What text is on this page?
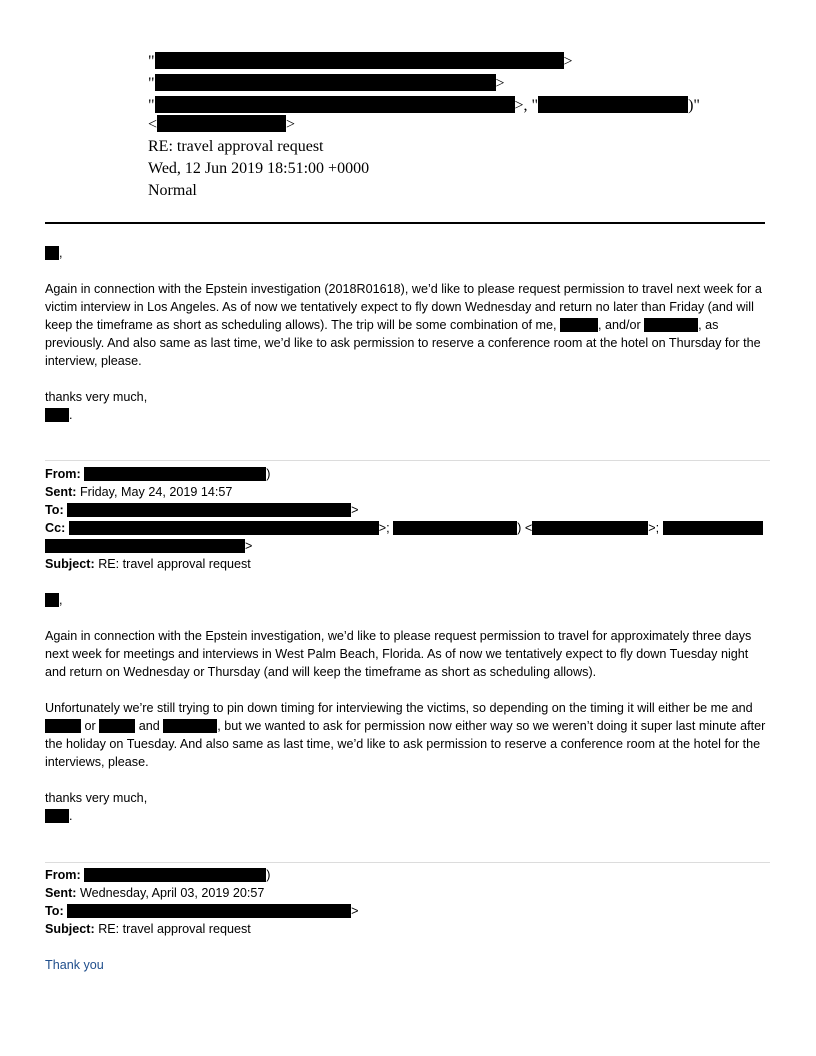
"	>
"	>
"	>, "	)"
<	>
RE: travel approval request
Wed, 12 Jun 2019 18:51:00 +0000
Normal
,
Again in connection with the Epstein investigation (2018R01618), we’d like to please request permission to travel next week for a victim interview in Los Angeles. As of now we tentatively expect to fly down Wednesday and return no later than Friday (and will keep the timeframe as short as scheduling allows). The trip will be some combination of me,	, and/or	, as previously. And also same as last time, we’d like to ask permission to reserve a conference room at the hotel on Thursday for the interview, please.
thanks very much,
.
From:	)
Sent: Friday, May 24, 2019 14:57
To:	>
Cc:	>;	) <	>;
>
Subject: RE: travel approval request
,
Again in connection with the Epstein investigation, we’d like to please request permission to travel for approximately three days next week for meetings and interviews in West Palm Beach, Florida. As of now we tentatively expect to fly down Tuesday night and return on Wednesday or Thursday (and will keep the timeframe as short as scheduling allows).
Unfortunately we’re still trying to pin down timing for interviewing the victims, so depending on the timing it will either be me and  or	and	, but we wanted to ask for permission now either way so we weren’t doing it super last minute after the holiday on Tuesday. And also same as last time, we’d like to ask permission to reserve a conference room at the hotel for the interviews, please.
thanks very much,
.
From:	)
Sent: Wednesday, April 03, 2019 20:57
To:	>
Subject: RE: travel approval request
Thank you
